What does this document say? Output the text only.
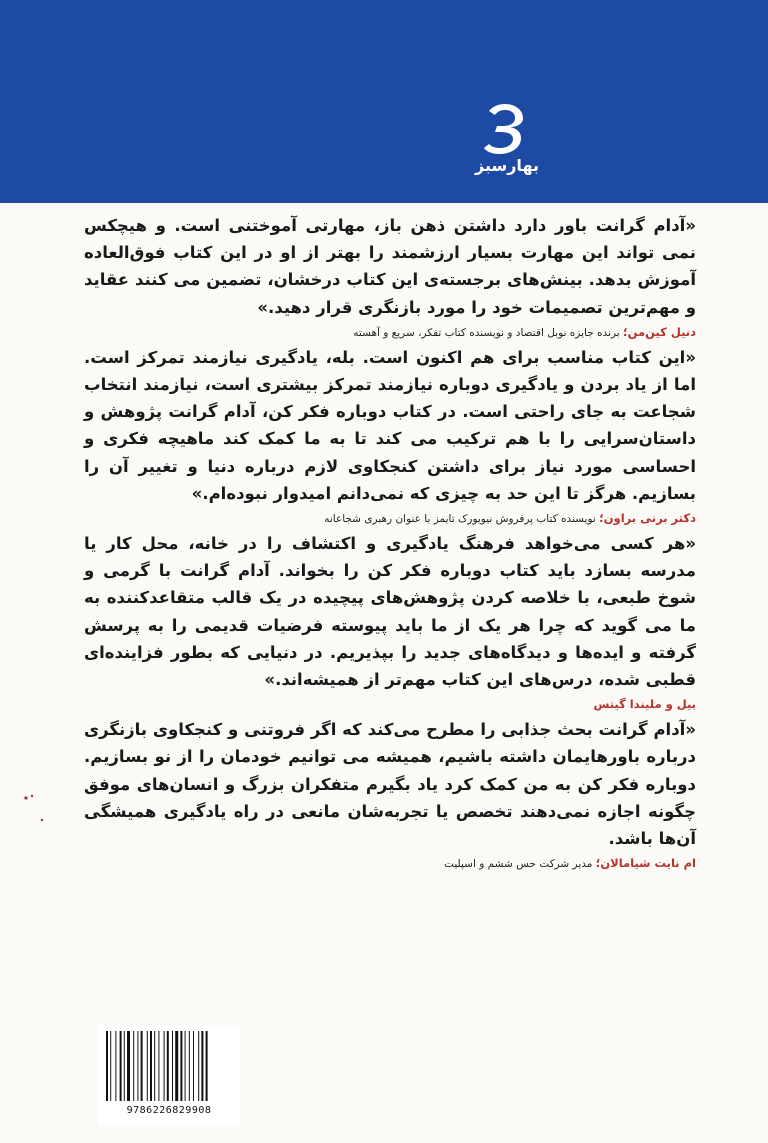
بهارسبز

«آدام گرانت باور دارد داشتن ذهن باز، مهارتی آموختنی است. و هیچکس نمی تواند این مهارت بسیار ارزشمند را بهتر از او در این کتاب فوق‌العاده آموزش بدهد. بینش‌های برجسته‌ی این کتاب درخشان، تضمین می کنند عقاید و مهم‌ترین تصمیمات خود را مورد بازنگری قرار دهید.»

دنیل کین‌من؛ برنده جایزه نوبل اقتصاد و نویسنده کتاب تفکر، سریع و آهسته

«این کتاب مناسب برای هم اکنون است. بله، یادگیری نیازمند تمرکز است. اما از یاد بردن و یادگیری دوباره نیازمند تمرکز بیشتری است، نیازمند انتخاب شجاعت به جای راحتی است. در کتاب دوباره فکر کن، آدام گرانت پژوهش و داستان‌سرایی را با هم ترکیب می کند تا به ما کمک کند ماهیچه فکری و احساسی مورد نیاز برای داشتن کنجکاوی لازم درباره دنیا و تغییر آن را بسازیم. هرگز تا این حد به چیزی که نمی‌دانم امیدوار نبوده‌ام.»

دکتر برنی براون؛ نویسنده کتاب پرفروش نیویورک تایمز با عنوان رهبری شجاعانه

«هر کسی می‌خواهد فرهنگ یادگیری و اکتشاف را در خانه، محل کار یا مدرسه بسازد باید کتاب دوباره فکر کن را بخواند. آدام گرانت با گرمی و شوخ طبعی، با خلاصه کردن پژوهش‌های پیچیده در یک قالب متقاعدکننده به ما می گوید که چرا هر یک از ما باید پیوسته فرضیات قدیمی را به پرسش گرفته و ایده‌ها و دیدگاه‌های جدید را بپذیریم. در دنیایی که بطور فزاینده‌ای قطبی شده، درس‌های این کتاب مهم‌تر از همیشه‌اند.»

بیل و ملیندا گیتس

«آدام گرانت بحث جذابی را مطرح می‌کند که اگر فروتنی و کنجکاوی بازنگری درباره باورهایمان داشته باشیم، همیشه می توانیم خودمان را از نو بسازیم. دوباره فکر کن به من کمک کرد یاد بگیرم متفکران بزرگ و انسان‌های موفق چگونه اجازه نمی‌دهند تخصص یا تجربه‌شان مانعی در راه یادگیری همیشگی آن‌ها باشد.

ام نایت شیامالان؛ مدیر شرکت حس ششم و اسپلیت
9786226829908
